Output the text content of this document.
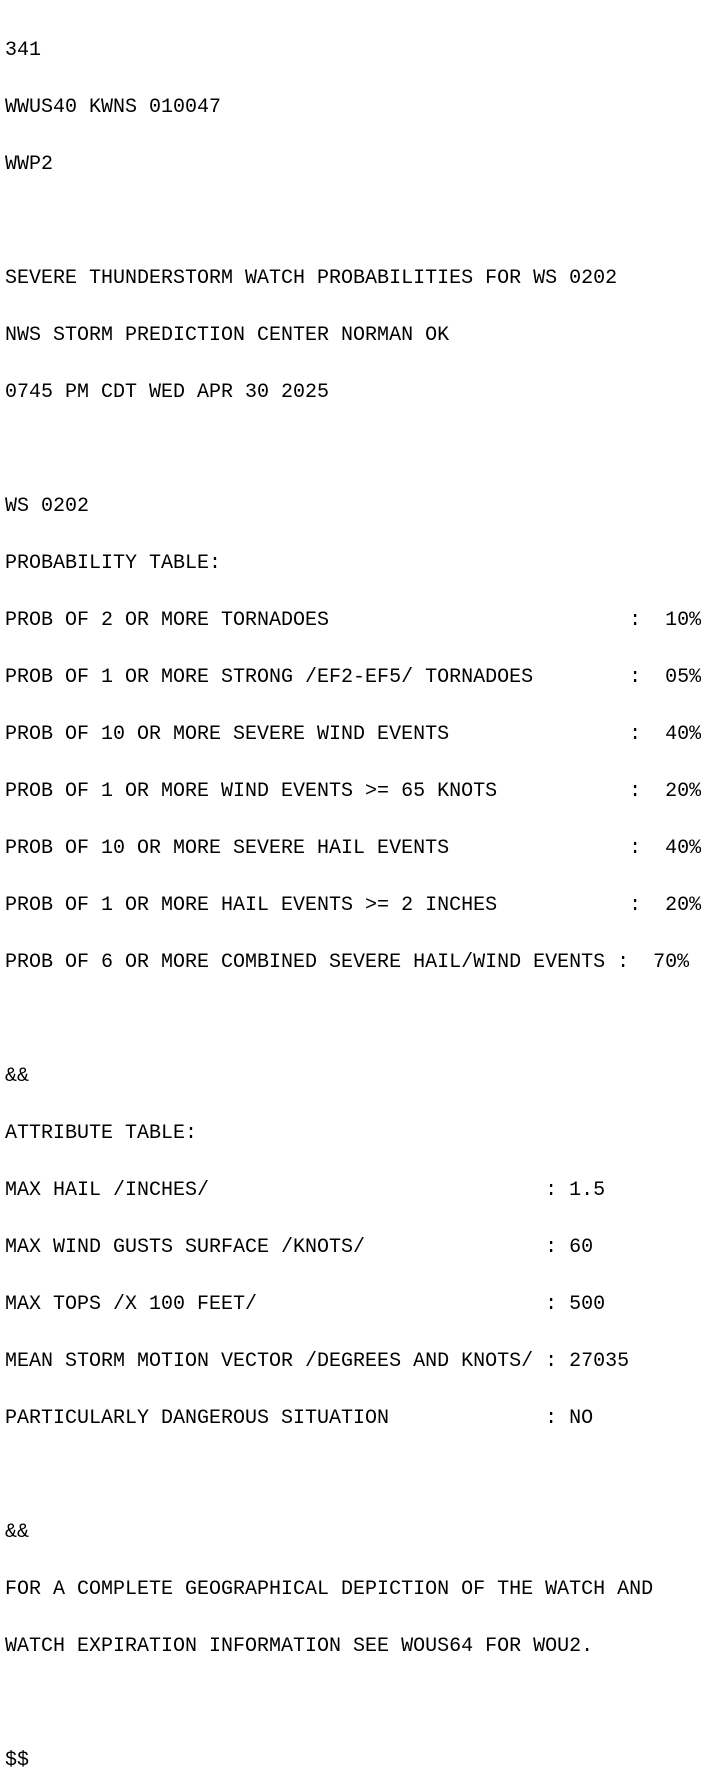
341

WWUS40 KWNS 010047

WWP2

SEVERE THUNDERSTORM WATCH PROBABILITIES FOR WS 0202

NWS STORM PREDICTION CENTER NORMAN OK

0745 PM CDT WED APR 30 2025

WS 0202

PROBABILITY TABLE:

PROB OF 2 OR MORE TORNADOES                         :  10%

PROB OF 1 OR MORE STRONG /EF2-EF5/ TORNADOES        :  05%

PROB OF 10 OR MORE SEVERE WIND EVENTS               :  40%

PROB OF 1 OR MORE WIND EVENTS >= 65 KNOTS           :  20%

PROB OF 10 OR MORE SEVERE HAIL EVENTS               :  40%

PROB OF 1 OR MORE HAIL EVENTS >= 2 INCHES           :  20%

PROB OF 6 OR MORE COMBINED SEVERE HAIL/WIND EVENTS :  70%

&&

ATTRIBUTE TABLE:

MAX HAIL /INCHES/                            : 1.5

MAX WIND GUSTS SURFACE /KNOTS/               : 60

MAX TOPS /X 100 FEET/                        : 500

MEAN STORM MOTION VECTOR /DEGREES AND KNOTS/ : 27035

PARTICULARLY DANGEROUS SITUATION             : NO

&&

FOR A COMPLETE GEOGRAPHICAL DEPICTION OF THE WATCH AND

WATCH EXPIRATION INFORMATION SEE WOUS64 FOR WOU2.

$$
